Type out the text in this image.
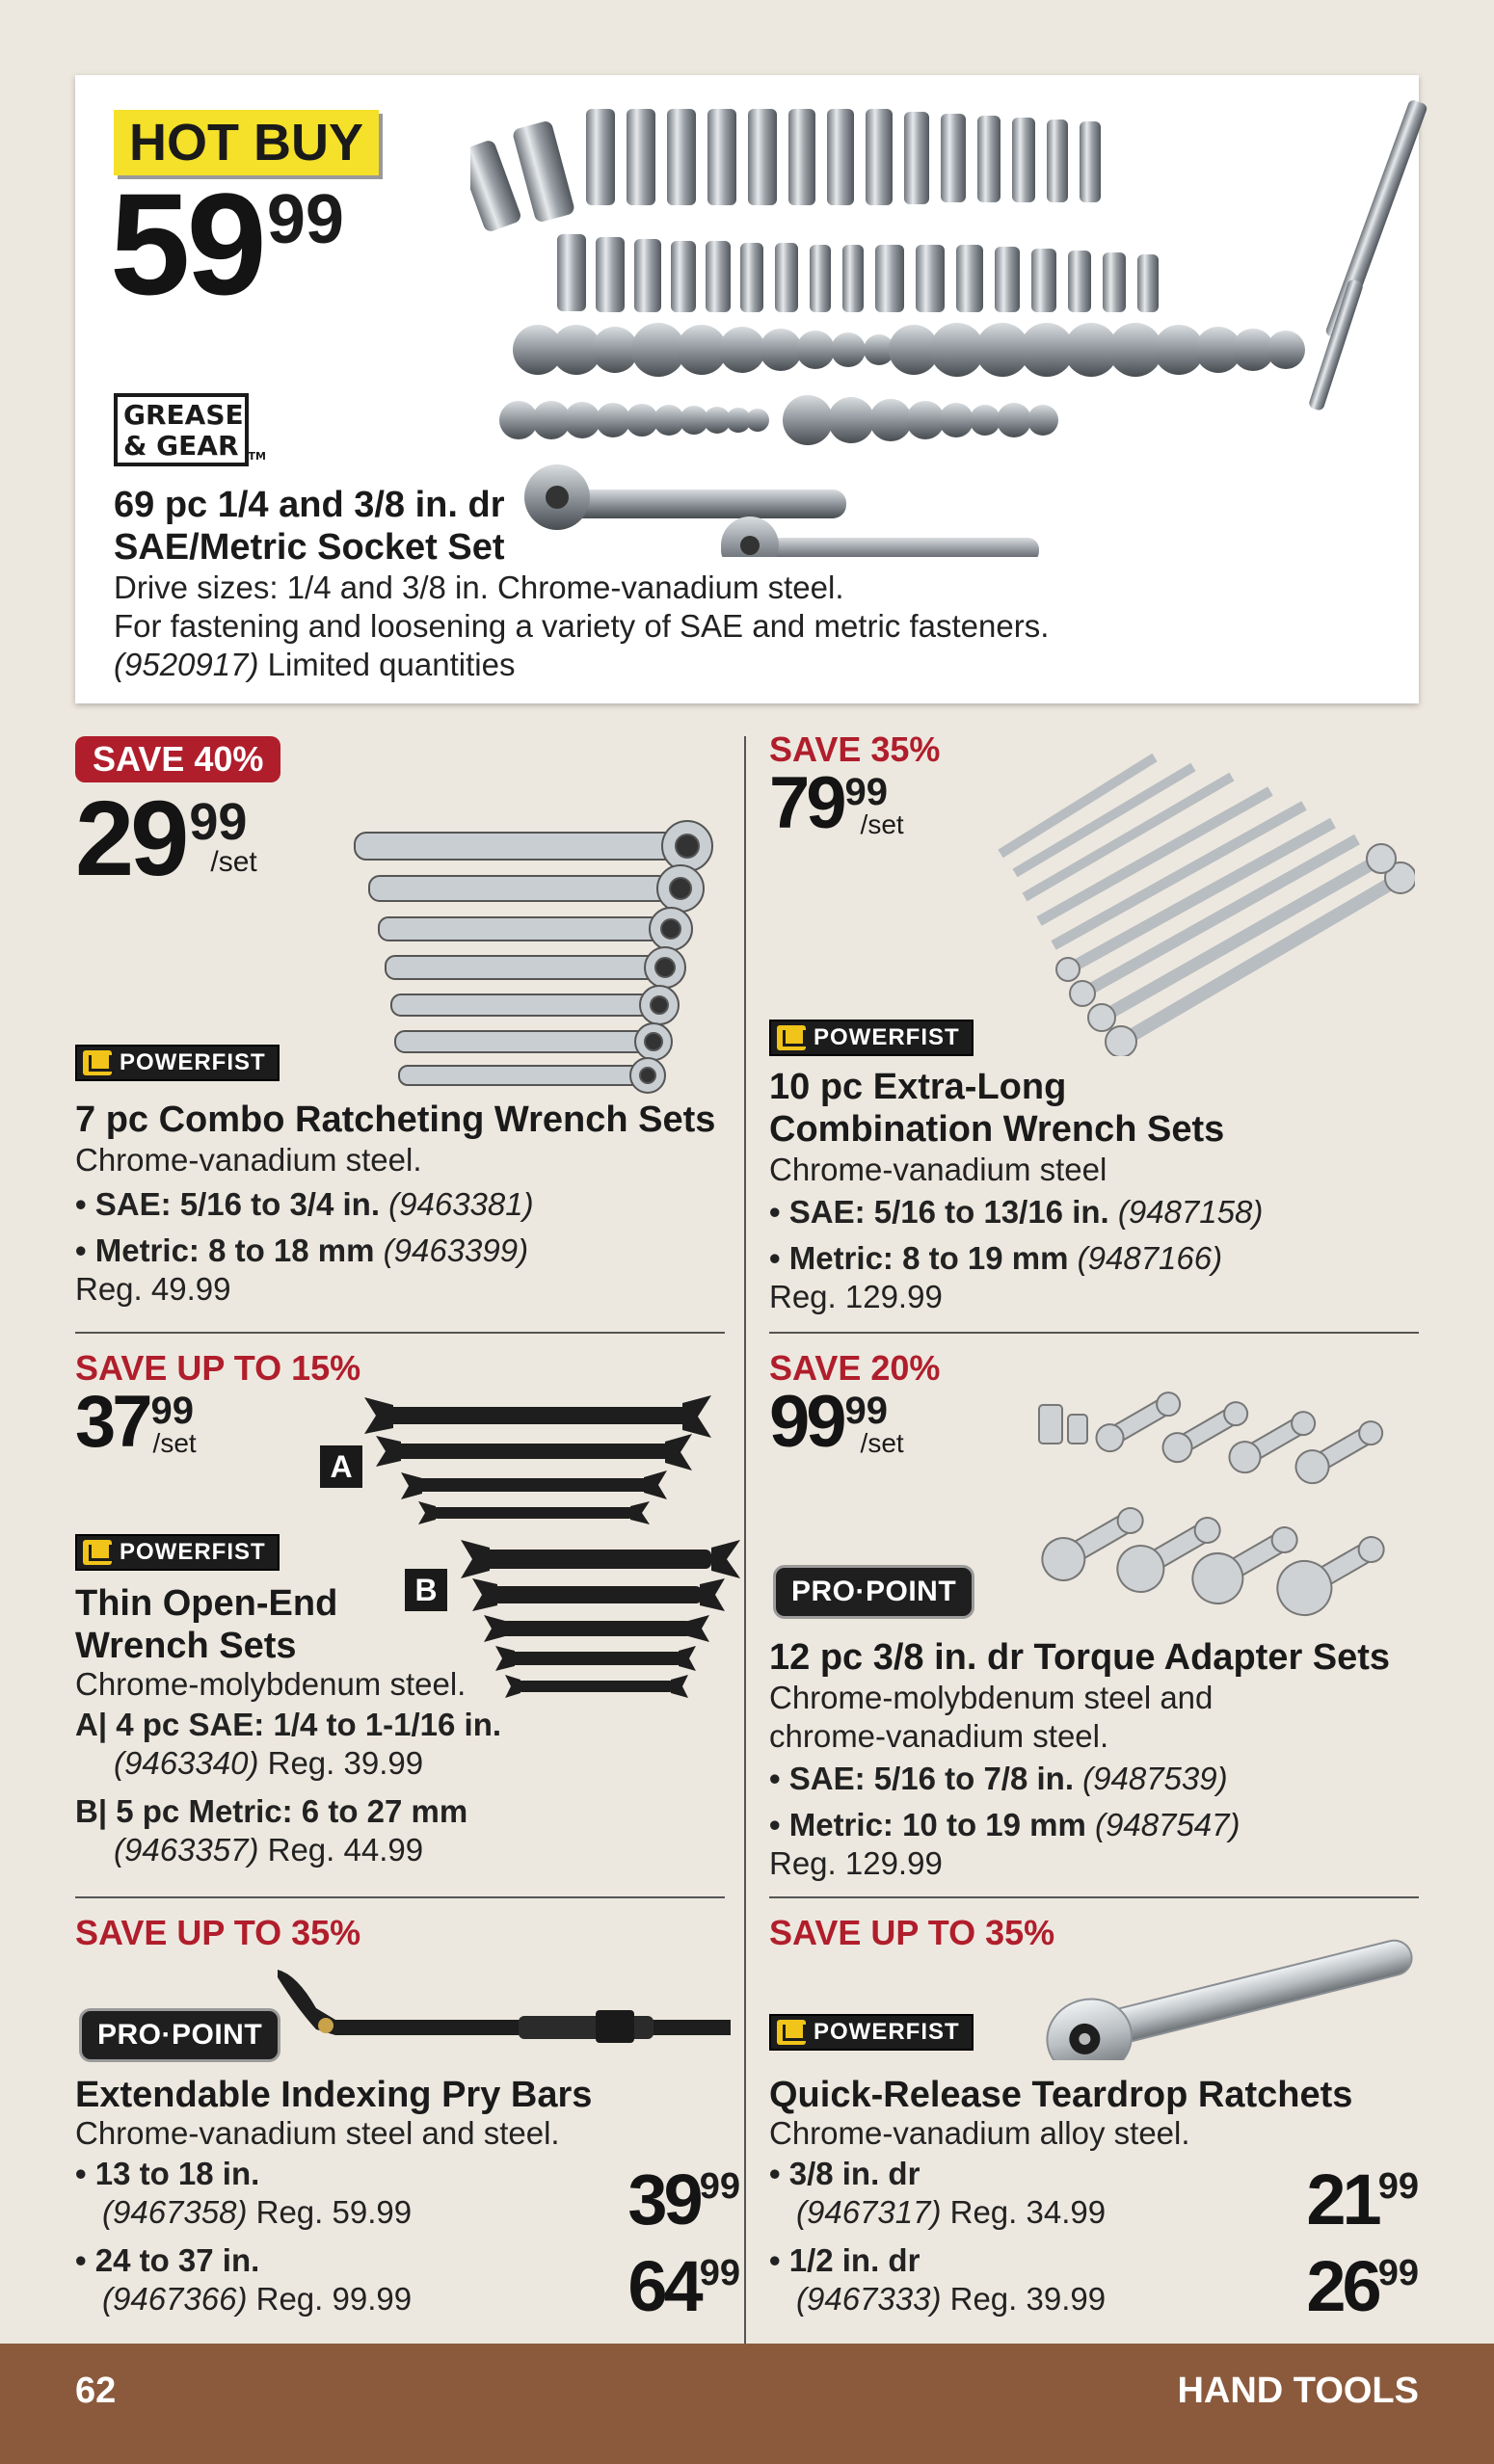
HOT BUY
5999
GREASE
& GEAR TM
69 pc 1/4 and 3/8 in. dr
SAE/Metric Socket Set
Drive sizes: 1/4 and 3/8 in. Chrome-vanadium steel.
For fastening and loosening a variety of SAE and metric fasteners.
(9520917) Limited quantities
SAVE 40%
29 99
/set
POWERFIST
7 pc Combo Ratcheting Wrench Sets
Chrome-vanadium steel.
• SAE: 5/16 to 3/4 in. (9463381)
• Metric: 8 to 18 mm (9463399)
Reg. 49.99
SAVE 35%
79 99
/set
POWERFIST
10 pc Extra-Long
Combination Wrench Sets
Chrome-vanadium steel
• SAE: 5/16 to 13/16 in. (9487158)
• Metric: 8 to 19 mm (9487166)
Reg. 129.99
SAVE UP TO 15%
37 99
/set
A
B
POWERFIST
Thin Open-End
Wrench Sets
Chrome-molybdenum steel.
A| 4 pc SAE: 1/4 to 1-1/16 in.
(9463340) Reg. 39.99
B| 5 pc Metric: 6 to 27 mm
(9463357) Reg. 44.99
SAVE 20%
99 99
/set
PRO·POINT
12 pc 3/8 in. dr Torque Adapter Sets
Chrome-molybdenum steel and
chrome-vanadium steel.
• SAE: 5/16 to 7/8 in. (9487539)
• Metric: 10 to 19 mm (9487547)
Reg. 129.99
SAVE UP TO 35%
PRO·POINT
Extendable Indexing Pry Bars
Chrome-vanadium steel and steel.
• 13 to 18 in.
(9467358) Reg. 59.99
• 24 to 37 in.
(9467366) Reg. 99.99
3999
6499
SAVE UP TO 35%
POWERFIST
Quick-Release Teardrop Ratchets
Chrome-vanadium alloy steel.
• 3/8 in. dr
(9467317) Reg. 34.99
• 1/2 in. dr
(9467333) Reg. 39.99
2199
2699
62	HAND TOOLS
